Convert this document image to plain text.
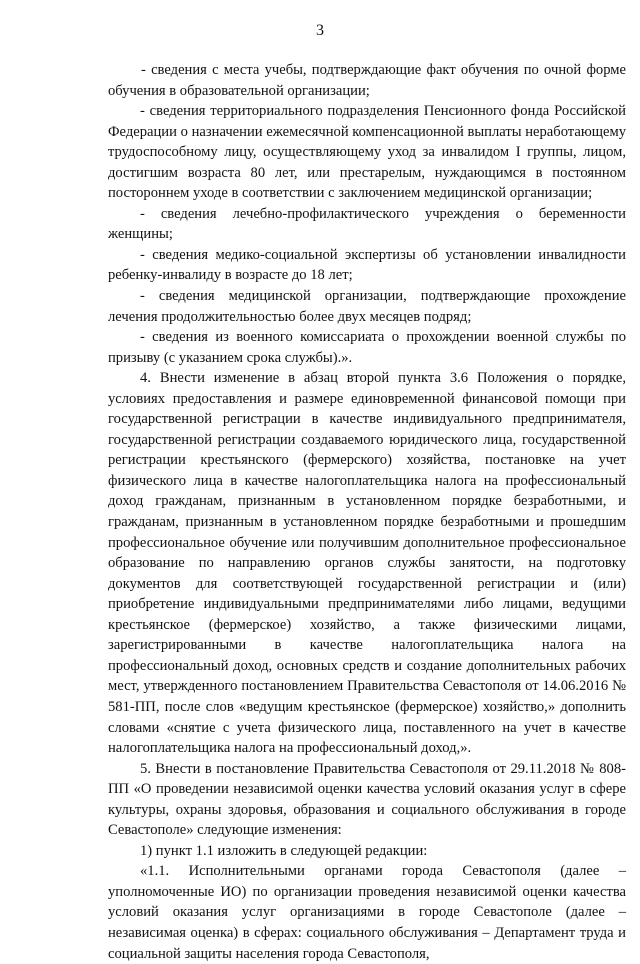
3

- сведения с места учебы, подтверждающие факт обучения по очной форме обучения в образовательной организации;

- сведения территориального подразделения Пенсионного фонда Российской Федерации о назначении ежемесячной компенсационной выплаты неработающему трудоспособному лицу, осуществляющему уход за инвалидом I группы, лицом, достигшим возраста 80 лет, или престарелым, нуждающимся в постоянном постороннем уходе в соответствии с заключением медицинской организации;

- сведения лечебно-профилактического учреждения о беременности женщины;

- сведения медико-социальной экспертизы об установлении инвалидности ребенку-инвалиду в возрасте до 18 лет;

- сведения медицинской организации, подтверждающие прохождение лечения продолжительностью более двух месяцев подряд;

- сведения из военного комиссариата о прохождении военной службы по призыву (с указанием срока службы).».

4. Внести изменение в абзац второй пункта 3.6 Положения о порядке, условиях предоставления и размере единовременной финансовой помощи при государственной регистрации в качестве индивидуального предпринимателя, государственной регистрации создаваемого юридического лица, государственной регистрации крестьянского (фермерского) хозяйства, постановке на учет физического лица в качестве налогоплательщика налога на профессиональный доход гражданам, признанным в установленном порядке безработными, и гражданам, признанным в установленном порядке безработными и прошедшим профессиональное обучение или получившим дополнительное профессиональное образование по направлению органов службы занятости, на подготовку документов для соответствующей государственной регистрации и (или) приобретение индивидуальными предпринимателями либо лицами, ведущими крестьянское (фермерское) хозяйство, а также физическими лицами, зарегистрированными в качестве налогоплательщика налога на профессиональный доход, основных средств и создание дополнительных рабочих мест, утвержденного постановлением Правительства Севастополя от 14.06.2016 № 581-ПП, после слов «ведущим крестьянское (фермерское) хозяйство,» дополнить словами «снятие с учета физического лица, поставленного на учет в качестве налогоплательщика налога на профессиональный доход,».

5. Внести в постановление Правительства Севастополя от 29.11.2018 № 808-ПП «О проведении независимой оценки качества условий оказания услуг в сфере культуры, охраны здоровья, образования и социального обслуживания в городе Севастополе» следующие изменения:

1) пункт 1.1 изложить в следующей редакции:

«1.1. Исполнительными органами города Севастополя (далее – уполномоченные ИО) по организации проведения независимой оценки качества условий оказания услуг организациями в городе Севастополе (далее – независимая оценка) в сферах: социального обслуживания – Департамент труда и социальной защиты населения города Севастополя,
